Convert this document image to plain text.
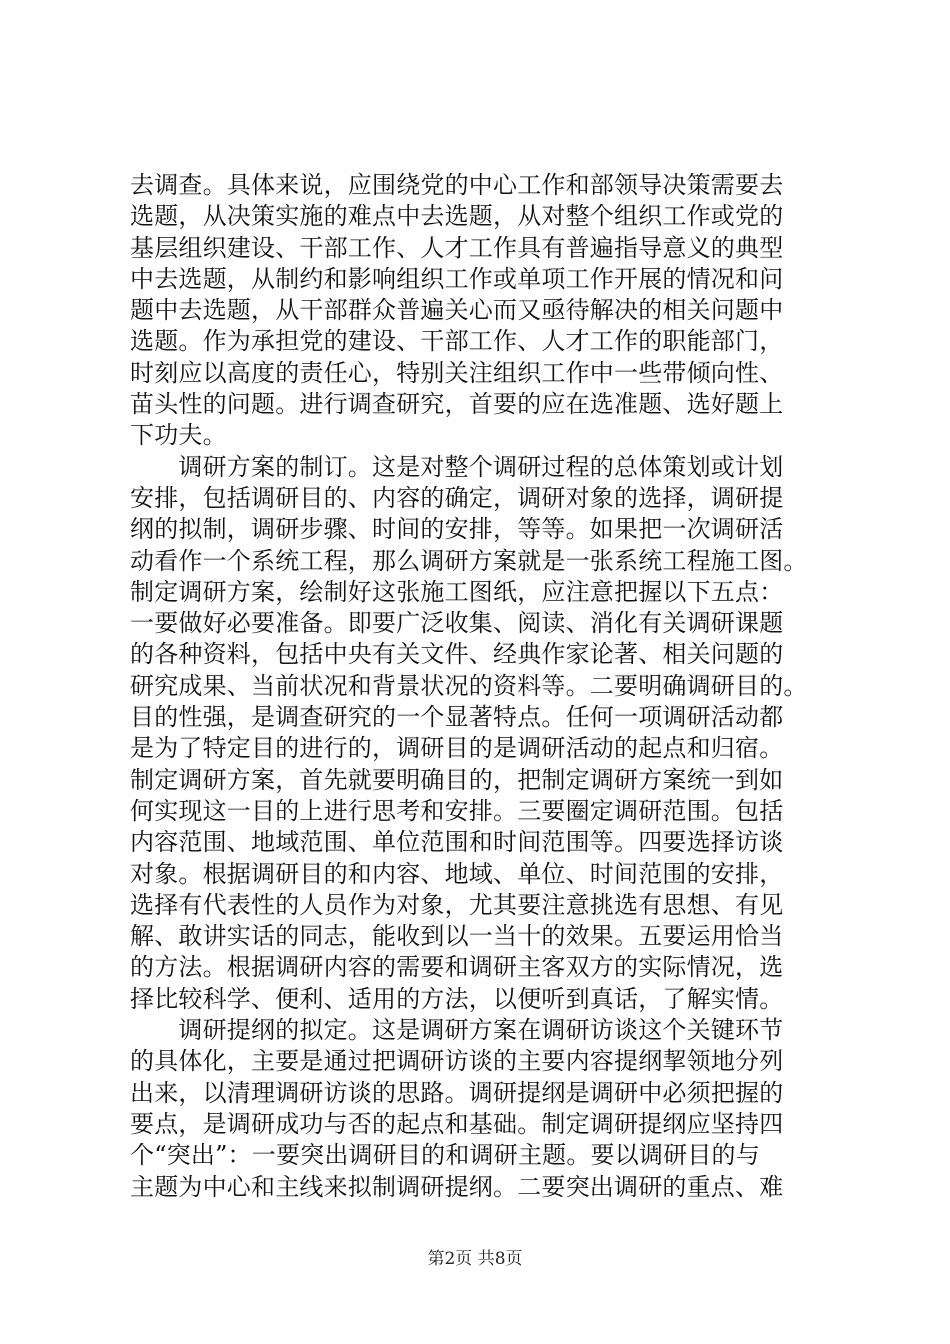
去调查。具体来说，应围绕党的中心工作和部领导决策需要去
选题，从决策实施的难点中去选题，从对整个组织工作或党的
基层组织建设、干部工作、人才工作具有普遍指导意义的典型
中去选题，从制约和影响组织工作或单项工作开展的情况和问
题中去选题，从干部群众普遍关心而又亟待解决的相关问题中
选题。作为承担党的建设、干部工作、人才工作的职能部门，
时刻应以高度的责任心，特别关注组织工作中一些带倾向性、
苗头性的问题。进行调查研究，首要的应在选准题、选好题上
下功夫。
　　调研方案的制订。这是对整个调研过程的总体策划或计划
安排，包括调研目的、内容的确定，调研对象的选择，调研提
纲的拟制，调研步骤、时间的安排，等等。如果把一次调研活
动看作一个系统工程，那么调研方案就是一张系统工程施工图。
制定调研方案，绘制好这张施工图纸，应注意把握以下五点：
一要做好必要准备。即要广泛收集、阅读、消化有关调研课题
的各种资料，包括中央有关文件、经典作家论著、相关问题的
研究成果、当前状况和背景状况的资料等。二要明确调研目的。
目的性强，是调查研究的一个显著特点。任何一项调研活动都
是为了特定目的进行的，调研目的是调研活动的起点和归宿。
制定调研方案，首先就要明确目的，把制定调研方案统一到如
何实现这一目的上进行思考和安排。三要圈定调研范围。包括
内容范围、地域范围、单位范围和时间范围等。四要选择访谈
对象。根据调研目的和内容、地域、单位、时间范围的安排，
选择有代表性的人员作为对象，尤其要注意挑选有思想、有见
解、敢讲实话的同志，能收到以一当十的效果。五要运用恰当
的方法。根据调研内容的需要和调研主客双方的实际情况，选
择比较科学、便利、适用的方法，以便听到真话，了解实情。
　　调研提纲的拟定。这是调研方案在调研访谈这个关键环节
的具体化，主要是通过把调研访谈的主要内容提纲挈领地分列
出来，以清理调研访谈的思路。调研提纲是调研中必须把握的
要点，是调研成功与否的起点和基础。制定调研提纲应坚持四
个“突出”：一要突出调研目的和调研主题。要以调研目的与
主题为中心和主线来拟制调研提纲。二要突出调研的重点、难
第2页 共8页
